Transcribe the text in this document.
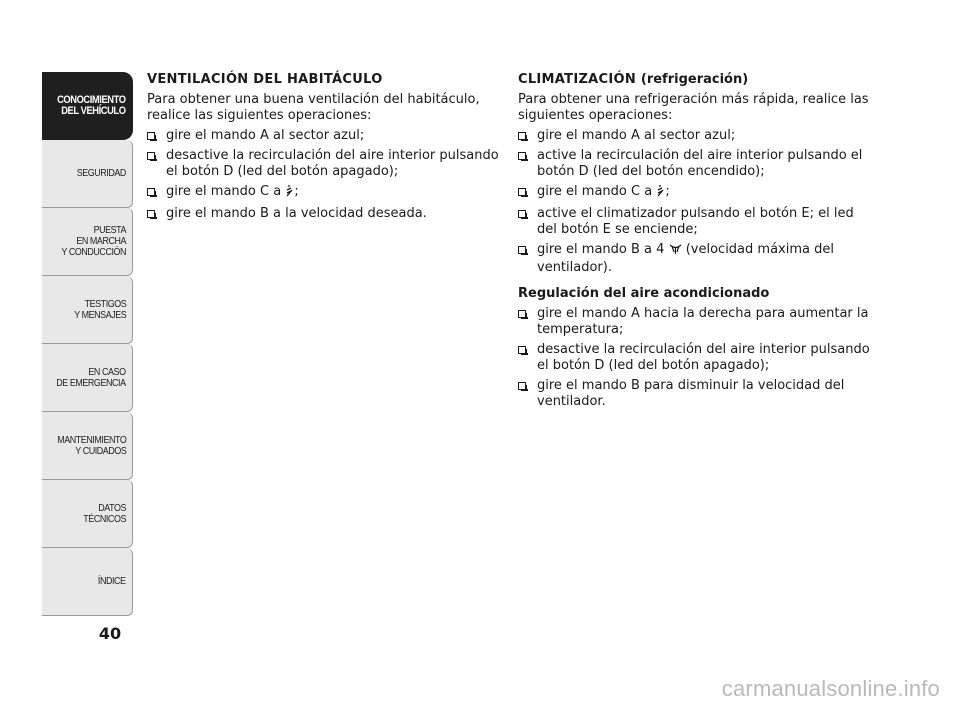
CONOCIMIENTO
DEL VEHÍCULO
SEGURIDAD
PUESTA
EN MARCHA
Y CONDUCCIÓN
TESTIGOS
Y MENSAJES
EN CASO
DE EMERGENCIA
MANTENIMIENTO
Y CUIDADOS
DATOS TÉCNICOS
ÍNDICE
40
VENTILACIÓN DEL HABITÁCULO

Para obtener una buena ventilación del habitáculo, realice las siguientes operaciones:

gire el mando A al sector azul;
desactive la recirculación del aire interior pulsando el botón D (led del botón apagado);
gire el mando C a ;
gire el mando B a la velocidad deseada.
CLIMATIZACIÓN (refrigeración)

Para obtener una refrigeración más rápida, realice las siguientes operaciones:

gire el mando A al sector azul;
active la recirculación del aire interior pulsando el botón D (led del botón encendido);
gire el mando C a ;
active el climatizador pulsando el botón E; el led del botón E se enciende;
gire el mando B a 4 (velocidad máxima del ventilador).
Regulación del aire acondicionado
gire el mando A hacia la derecha para aumentar la temperatura;
desactive la recirculación del aire interior pulsando el botón D (led del botón apagado);
gire el mando B para disminuir la velocidad del ventilador.
carmanualsonline.info
